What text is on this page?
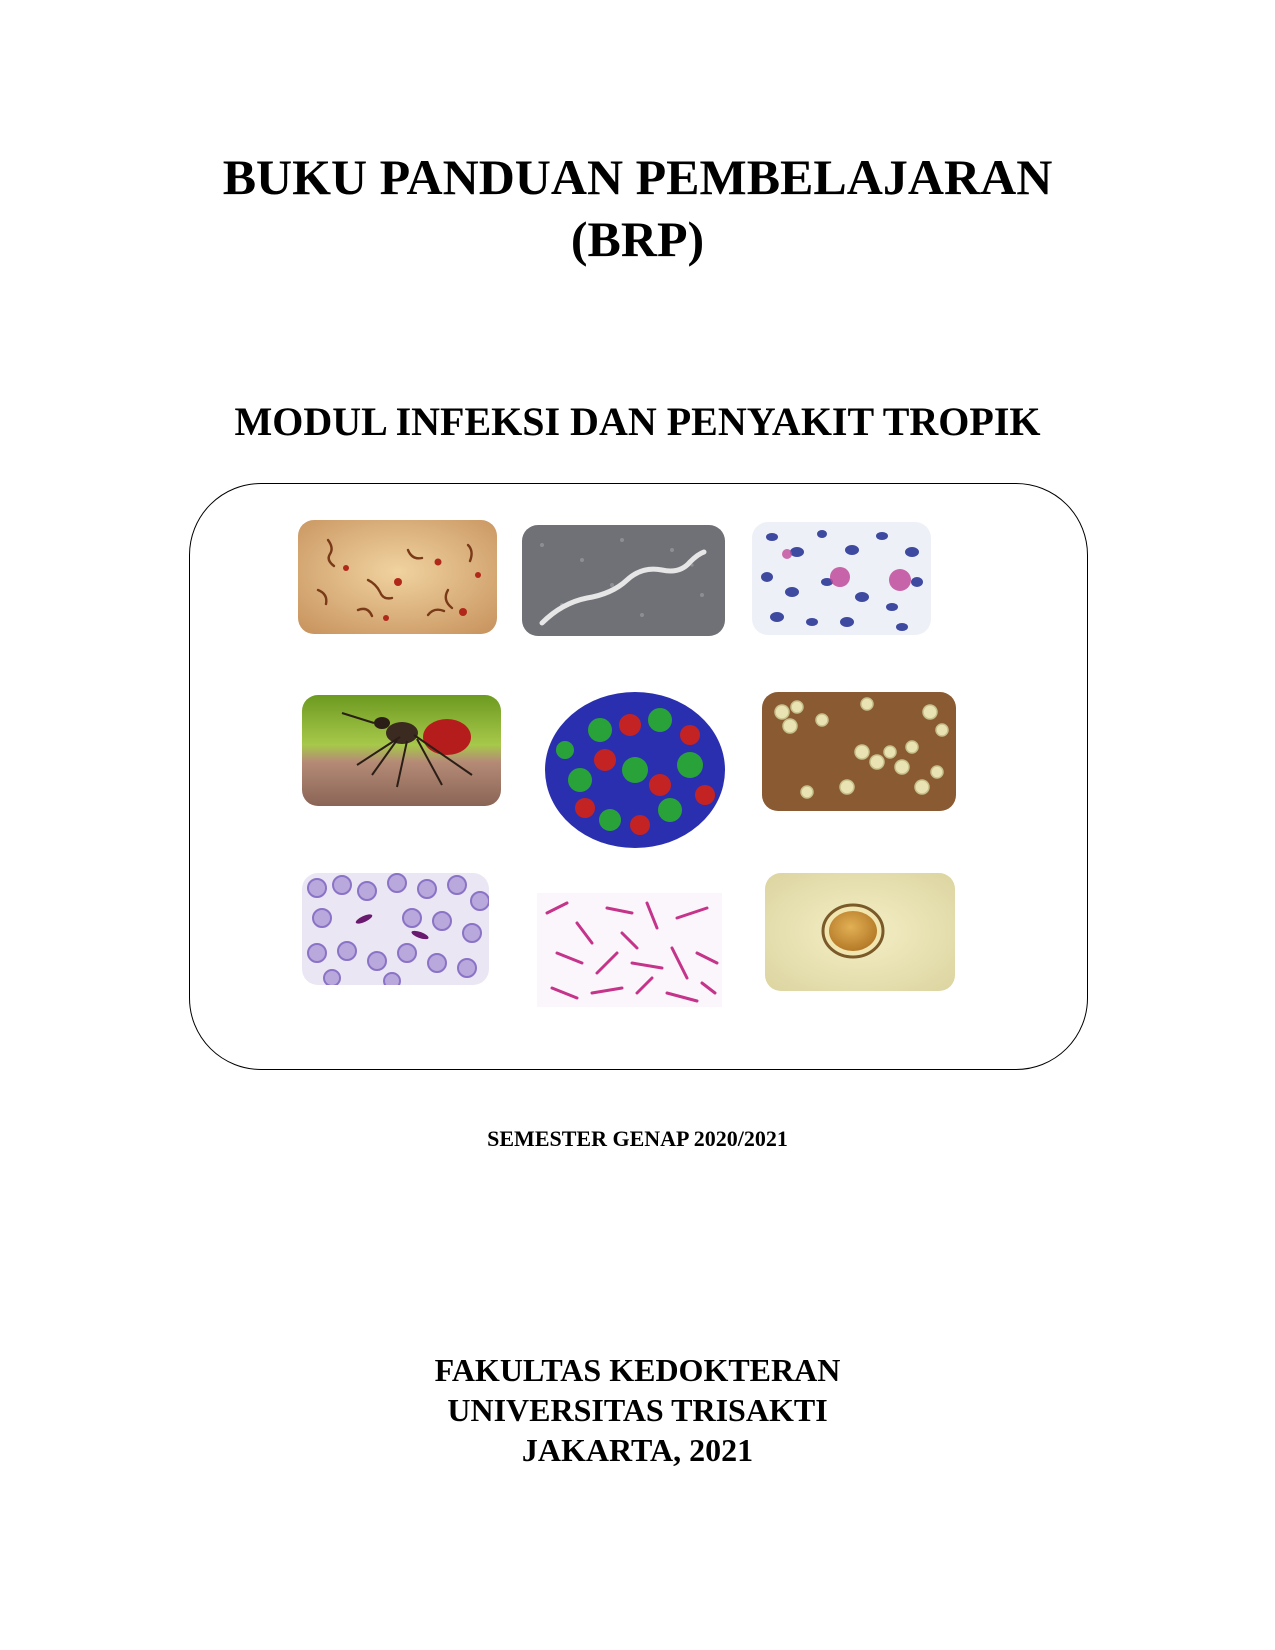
BUKU PANDUAN PEMBELAJARAN
(BRP)
MODUL INFEKSI DAN PENYAKIT TROPIK
SEMESTER GENAP 2020/2021
FAKULTAS KEDOKTERAN
UNIVERSITAS TRISAKTI
JAKARTA, 2021
